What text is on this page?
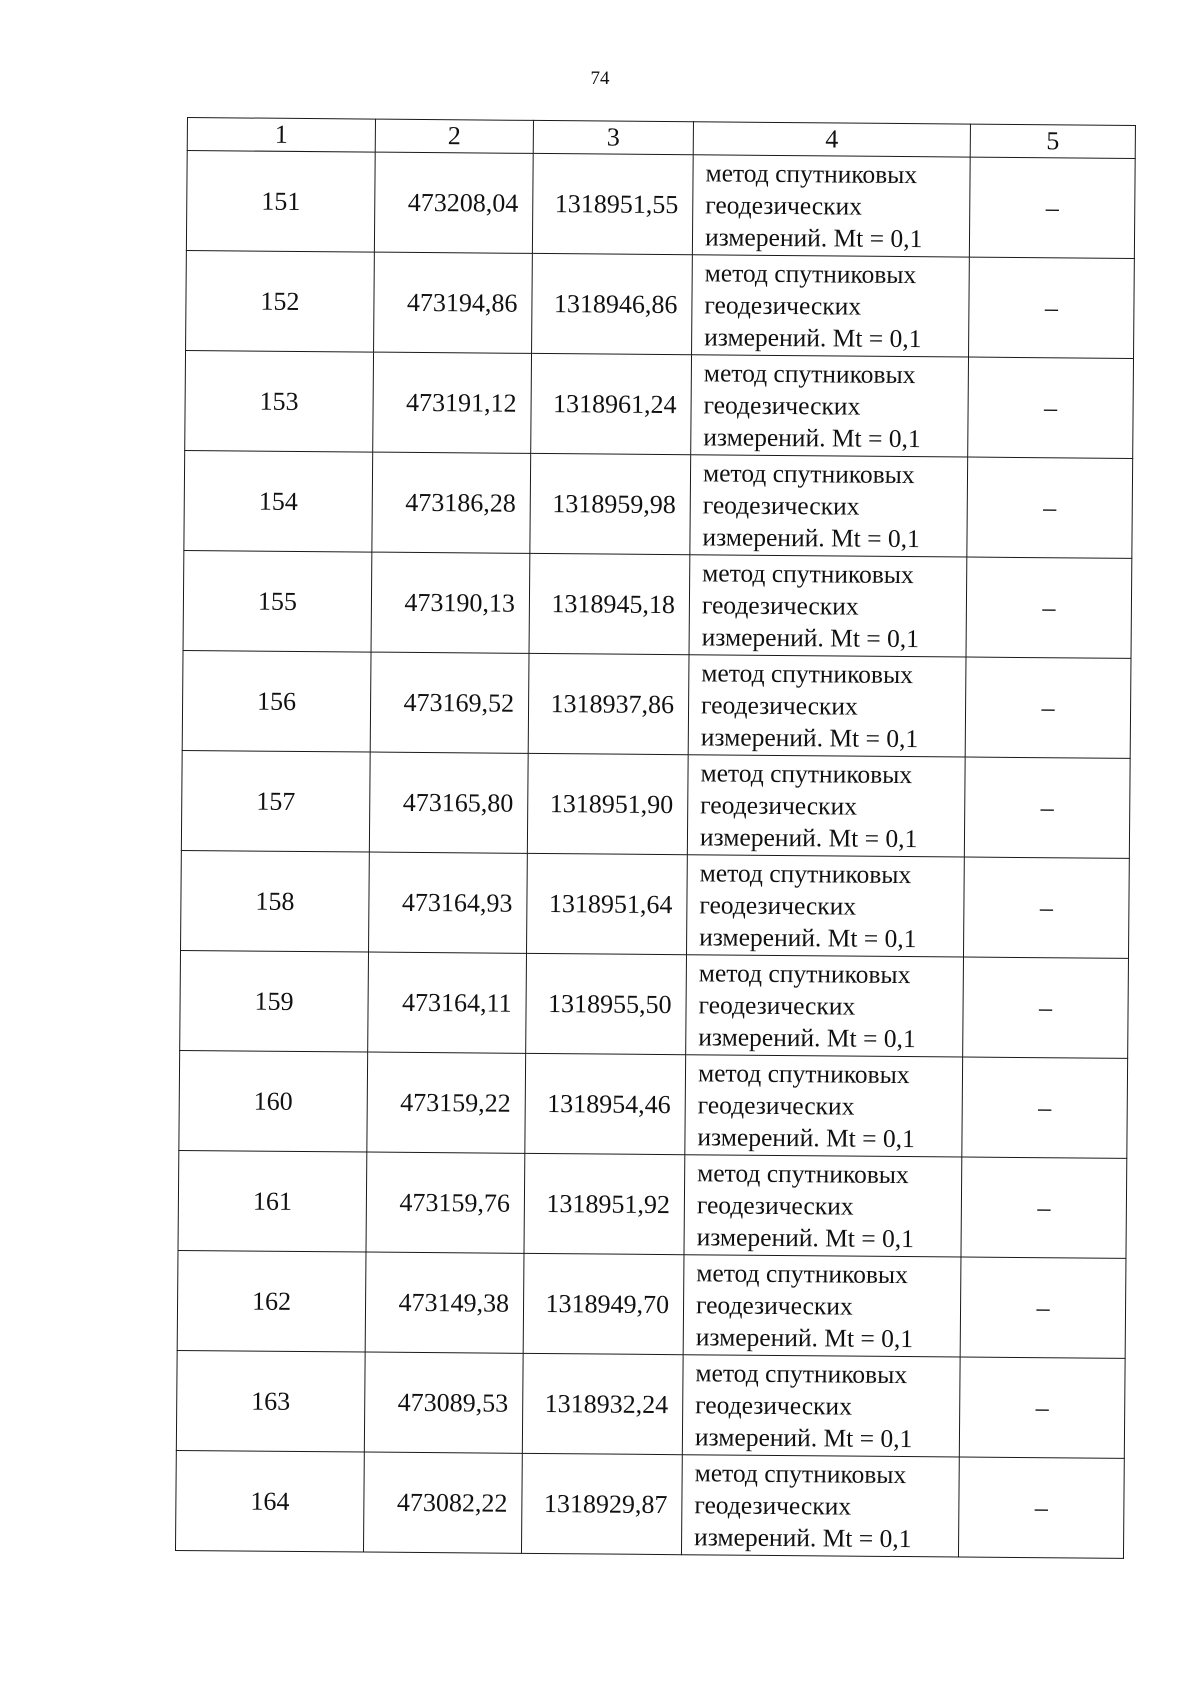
74
1	2	3	4	5
151	473208,04	1318951,55	метод спутниковых
геодезических
измерений. Mt = 0,1	–
152	473194,86	1318946,86	метод спутниковых
геодезических
измерений. Mt = 0,1	–
153	473191,12	1318961,24	метод спутниковых
геодезических
измерений. Mt = 0,1	–
154	473186,28	1318959,98	метод спутниковых
геодезических
измерений. Mt = 0,1	–
155	473190,13	1318945,18	метод спутниковых
геодезических
измерений. Mt = 0,1	–
156	473169,52	1318937,86	метод спутниковых
геодезических
измерений. Mt = 0,1	–
157	473165,80	1318951,90	метод спутниковых
геодезических
измерений. Mt = 0,1	–
158	473164,93	1318951,64	метод спутниковых
геодезических
измерений. Mt = 0,1	–
159	473164,11	1318955,50	метод спутниковых
геодезических
измерений. Mt = 0,1	–
160	473159,22	1318954,46	метод спутниковых
геодезических
измерений. Mt = 0,1	–
161	473159,76	1318951,92	метод спутниковых
геодезических
измерений. Mt = 0,1	–
162	473149,38	1318949,70	метод спутниковых
геодезических
измерений. Mt = 0,1	–
163	473089,53	1318932,24	метод спутниковых
геодезических
измерений. Mt = 0,1	–
164	473082,22	1318929,87	метод спутниковых
геодезических
измерений. Mt = 0,1	–
